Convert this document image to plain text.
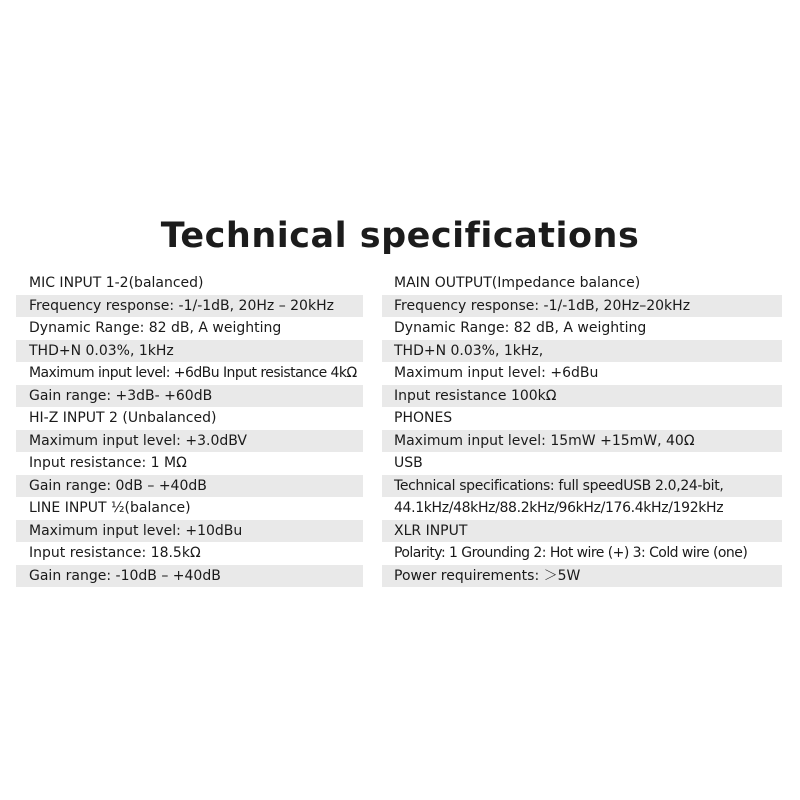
Technical specifications
MIC INPUT 1-2(balanced)
Frequency response: -1/-1dB, 20Hz – 20kHz
Dynamic Range: 82 dB, A weighting
THD+N 0.03%, 1kHz
Maximum input level: +6dBu Input resistance 4kΩ
Gain range: +3dB- +60dB
HI-Z INPUT 2 (Unbalanced)
Maximum input level: +3.0dBV
Input resistance: 1 MΩ
Gain range: 0dB – +40dB
LINE INPUT ½(balance)
Maximum input level: +10dBu
Input resistance: 18.5kΩ
Gain range: -10dB – +40dB
MAIN OUTPUT(Impedance balance)
Frequency response: -1/-1dB, 20Hz–20kHz
Dynamic Range: 82 dB, A weighting
THD+N 0.03%, 1kHz,
Maximum input level: +6dBu
Input resistance 100kΩ
PHONES
Maximum input level: 15mW +15mW, 40Ω
USB
Technical specifications: full speedUSB 2.0,24-bit,
44.1kHz/48kHz/88.2kHz/96kHz/176.4kHz/192kHz
XLR INPUT
Polarity: 1 Grounding 2: Hot wire (+) 3: Cold wire (one)
Power requirements: ＞5W
